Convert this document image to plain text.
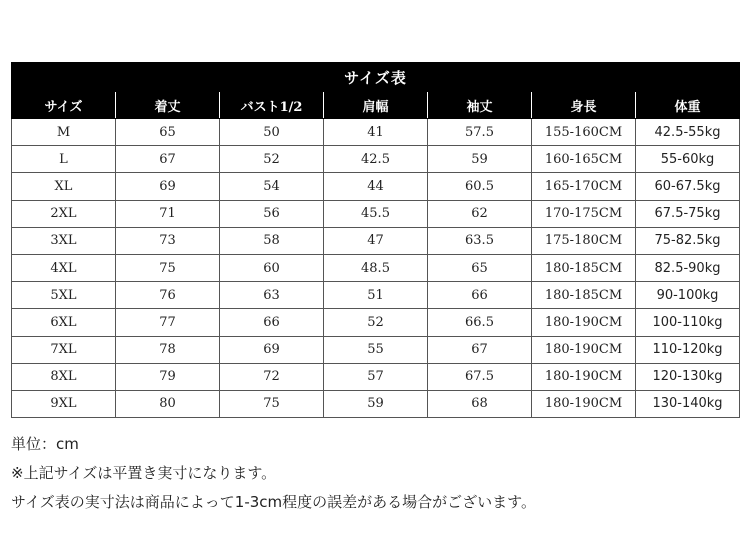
サイズ表						
サイズ	着丈	バスト1/2	肩幅	袖丈	身長	体重
M	65	50	41	57.5	155-160CM	42.5-55kg
L	67	52	42.5	59	160-165CM	55-60kg
XL	69	54	44	60.5	165-170CM	60-67.5kg
2XL	71	56	45.5	62	170-175CM	67.5-75kg
3XL	73	58	47	63.5	175-180CM	75-82.5kg
4XL	75	60	48.5	65	180-185CM	82.5-90kg
5XL	76	63	51	66	180-185CM	90-100kg
6XL	77	66	52	66.5	180-190CM	100-110kg
7XL	78	69	55	67	180-190CM	110-120kg
8XL	79	72	57	67.5	180-190CM	120-130kg
9XL	80	75	59	68	180-190CM	130-140kg
単位：cm
※上記サイズは平置き実寸になります。
サイズ表の実寸法は商品によって1-3cm程度の誤差がある場合がございます。
